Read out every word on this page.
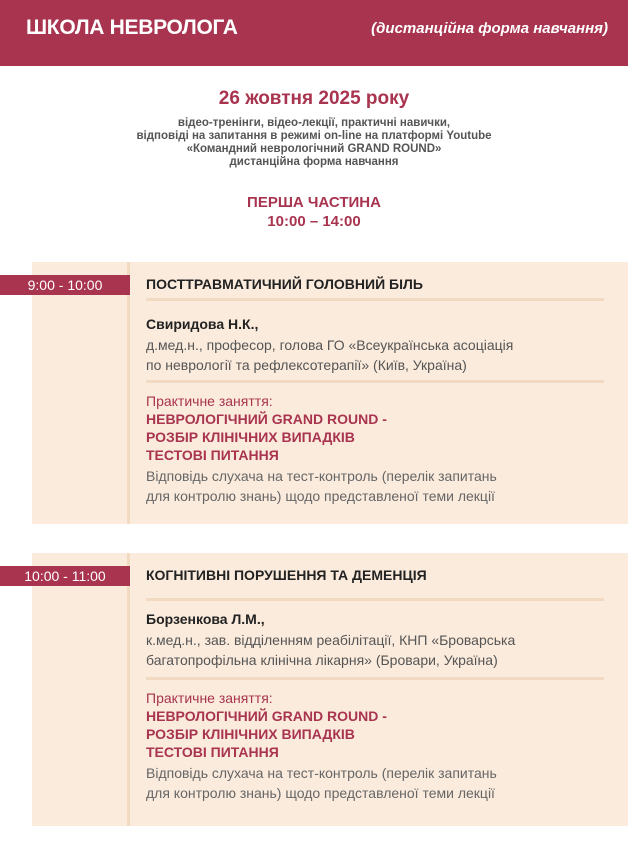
ШКОЛА НЕВРОЛОГА	(дистанційна форма навчання)
26 жовтня 2025 року
відео-тренінги, відео-лекції, практичні навички,
відповіді на запитання в режимі on-line на платформі Youtube
«Командний неврологічний GRAND ROUND»
дистанційна форма навчання
ПЕРША ЧАСТИНА
10:00 – 14:00
9:00 - 10:00	ПОСТТРАВМАТИЧНИЙ ГОЛОВНИЙ БІЛЬ
Свиридова Н.К.,
д.мед.н., професор, голова ГО «Всеукраїнська асоціація
по неврології та рефлексотерапії» (Київ, Україна)
Практичне заняття:
НЕВРОЛОГІЧНИЙ GRAND ROUND -
РОЗБІР КЛІНІЧНИХ ВИПАДКІВ
ТЕСТОВІ ПИТАННЯ
Відповідь слухача на тест-контроль (перелік запитань
для контролю знань) щодо представленої теми лекції
10:00 - 11:00	КОГНІТИВНІ ПОРУШЕННЯ ТА ДЕМЕНЦІЯ
Борзенкова Л.М.,
к.мед.н., зав. відділенням реабілітації, КНП «Броварська
багатопрофільна клінічна лікарня» (Бровари, Україна)
Практичне заняття:
НЕВРОЛОГІЧНИЙ GRAND ROUND -
РОЗБІР КЛІНІЧНИХ ВИПАДКІВ
ТЕСТОВІ ПИТАННЯ
Відповідь слухача на тест-контроль (перелік запитань
для контролю знань) щодо представленої теми лекції
